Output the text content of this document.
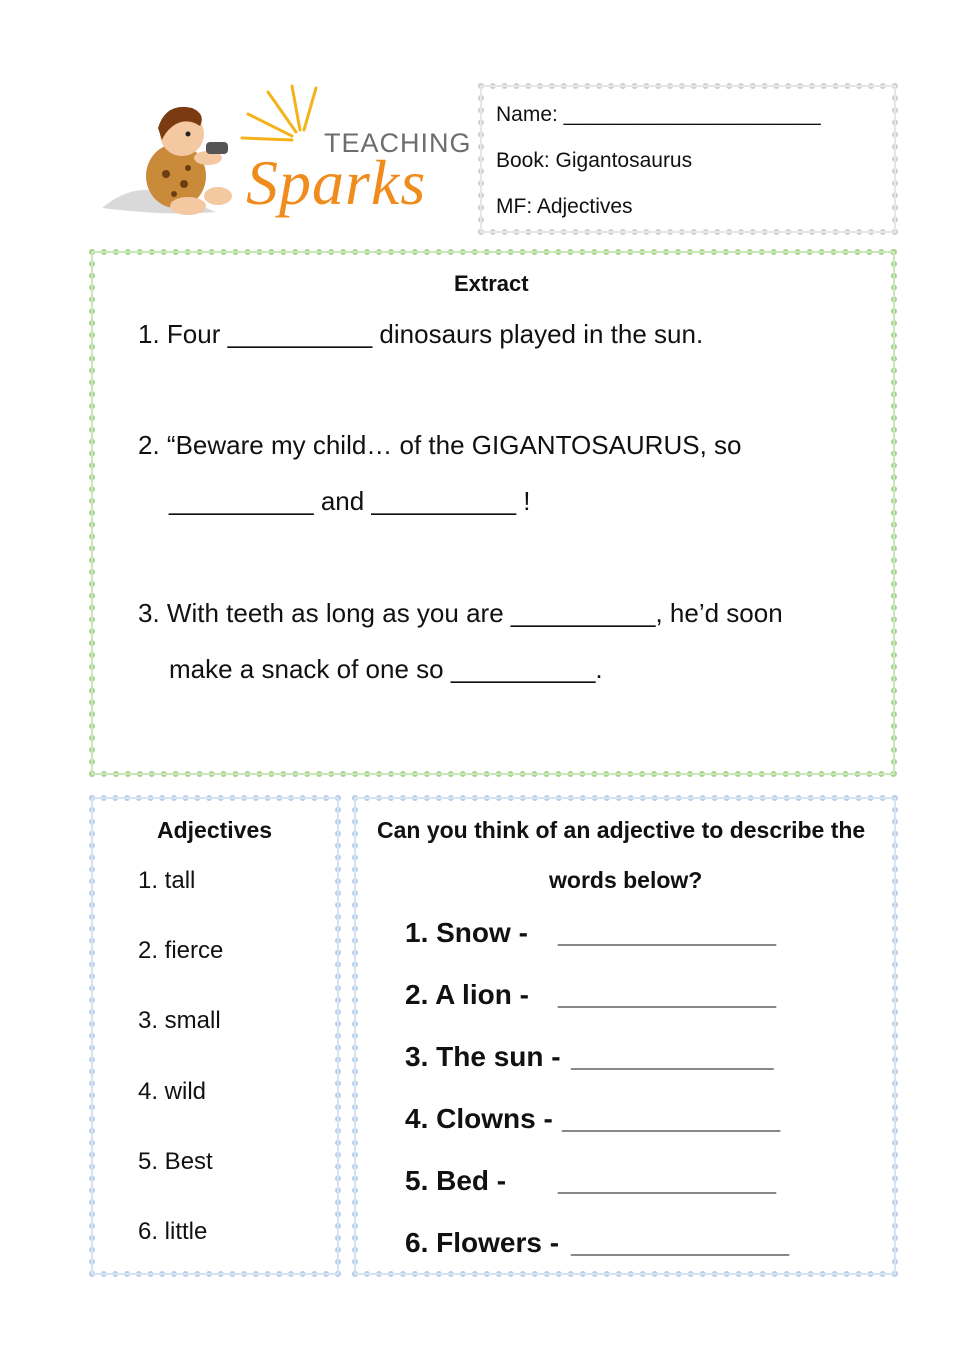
TEACHING
Sparks
Name: ______________________
Book: Gigantosaurus
MF: Adjectives
Extract
1. Four __________ dinosaurs played in the sun.
2. “Beware my child… of the GIGANTOSAURUS, so
__________ and __________ !
3. With teeth as long as you are __________, he’d soon
make a snack of one so __________.
Adjectives
1. tall
2. fierce
3. small
4. wild
5. Best
6. little
Can you think of an adjective to describe the
words below?
1. Snow - ______________
2. A lion - ______________
3. The sun - _____________
4. Clowns - ______________
5. Bed - ______________
6. Flowers - ______________
